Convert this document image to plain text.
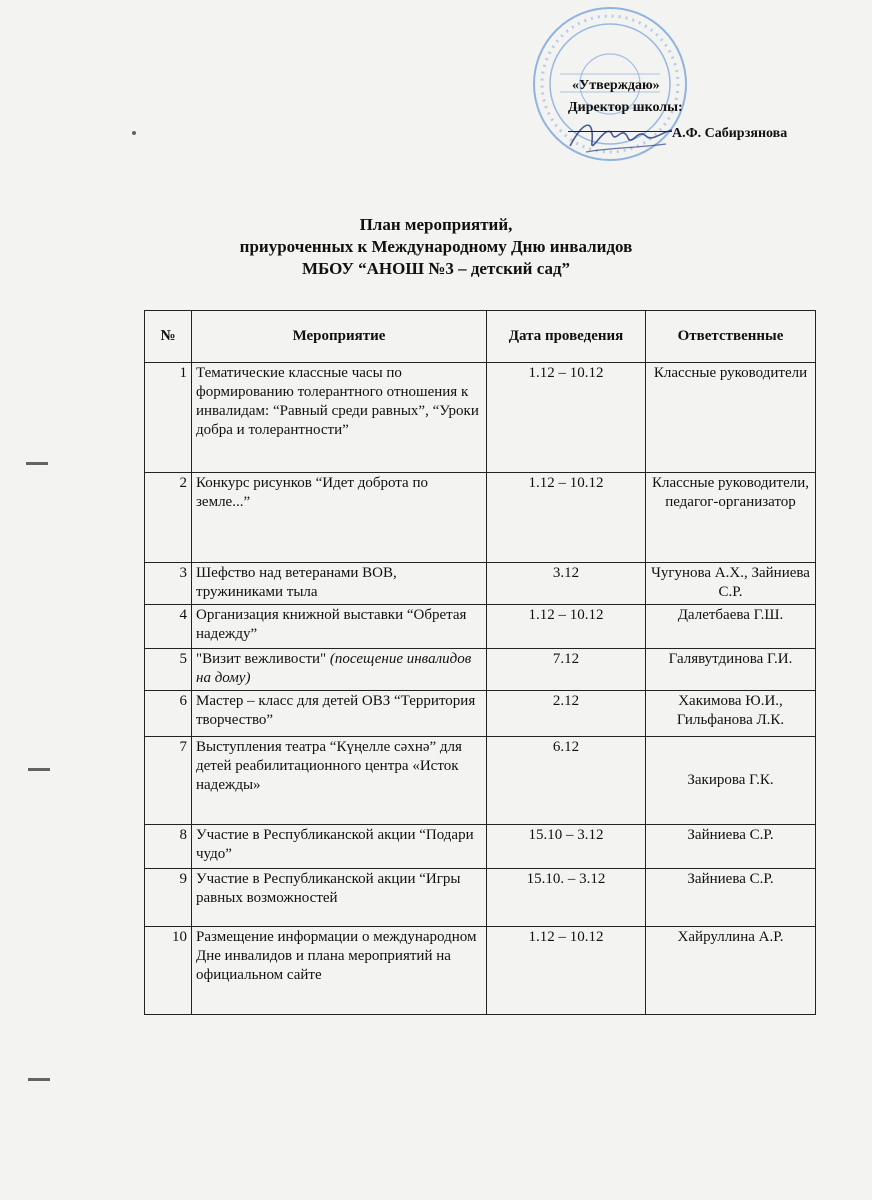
«Утверждаю»
Директор школы:
А.Ф. Сабирзянова
План мероприятий,
приуроченных к Международному Дню инвалидов
МБОУ “АНОШ №3 – детский сад”
№	Мероприятие	Дата проведения	Ответственные
1	Тематические классные часы по формированию толерантного отношения к инвалидам: “Равный среди равных”, “Уроки добра и толерантности”	1.12 – 10.12	Классные руководители
2	Конкурс рисунков “Идет доброта по земле...”	1.12 – 10.12	Классные руководители, педагог-организатор
3	Шефство над ветеранами ВОВ, тружиниками тыла	3.12	Чугунова А.Х., Зайниева С.Р.
4	Организация книжной выставки “Обретая надежду”	1.12 – 10.12	Далетбаева Г.Ш.
5	"Визит вежливости" (посещение инвалидов на дому)	7.12	Галявутдинова Г.И.
6	Мастер – класс для детей ОВЗ “Территория творчество”	2.12	Хакимова Ю.И., Гильфанова Л.К.
7	Выступления театра “Күңелле сәхнә” для детей реабилитационного центра «Исток надежды»	6.12	Закирова Г.К.
8	Участие в Республиканской акции “Подари чудо”	15.10 – 3.12	Зайниева С.Р.
9	Участие в Республиканской акции “Игры равных возможностей	15.10. – 3.12	Зайниева С.Р.
10	Размещение информации о международном Дне инвалидов и плана мероприятий на официальном сайте	1.12 – 10.12	Хайруллина А.Р.
